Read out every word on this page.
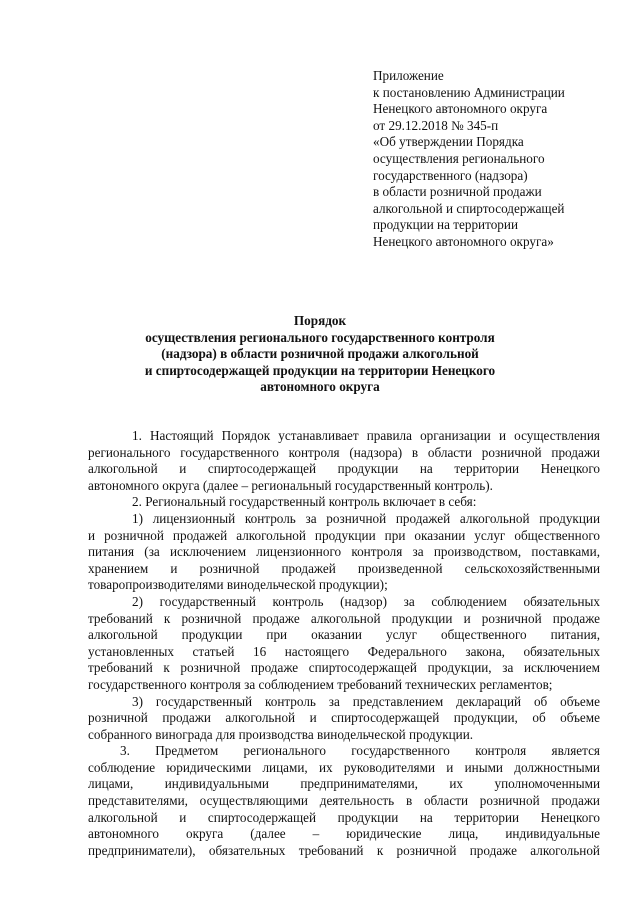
Приложение
к постановлению Администрации
Ненецкого автономного округа
от 29.12.2018 № 345-п
«Об утверждении Порядка
осуществления регионального
государственного (надзора)
в области розничной продажи
алкогольной и спиртосодержащей
продукции на территории
Ненецкого автономного округа»
Порядок
осуществления регионального государственного контроля
(надзора) в области розничной продажи алкогольной
и спиртосодержащей продукции на территории Ненецкого
автономного округа
1. Настоящий Порядок устанавливает правила организации и осуществления
регионального государственного контроля (надзора) в области розничной продажи
алкогольной и спиртосодержащей продукции на территории Ненецкого
автономного округа (далее – региональный государственный контроль).
2. Региональный государственный контроль включает в себя:
1) лицензионный контроль за розничной продажей алкогольной продукции
и розничной продажей алкогольной продукции при оказании услуг общественного
питания (за исключением лицензионного контроля за производством, поставками,
хранением и розничной продажей произведенной сельскохозяйственными
товаропроизводителями винодельческой продукции);
2) государственный контроль (надзор) за соблюдением обязательных
требований к розничной продаже алкогольной продукции и розничной продаже
алкогольной продукции при оказании услуг общественного питания,
установленных статьей 16 настоящего Федерального закона, обязательных
требований к розничной продаже спиртосодержащей продукции, за исключением
государственного контроля за соблюдением требований технических регламентов;
3) государственный контроль за представлением деклараций об объеме
розничной продажи алкогольной и спиртосодержащей продукции, об объеме
собранного винограда для производства винодельческой продукции.
3. Предметом регионального государственного контроля является
соблюдение юридическими лицами, их руководителями и иными должностными
лицами, индивидуальными предпринимателями, их уполномоченными
представителями, осуществляющими деятельность в области розничной продажи
алкогольной и спиртосодержащей продукции на территории Ненецкого
автономного округа (далее – юридические лица, индивидуальные
предприниматели), обязательных требований к розничной продаже алкогольной
